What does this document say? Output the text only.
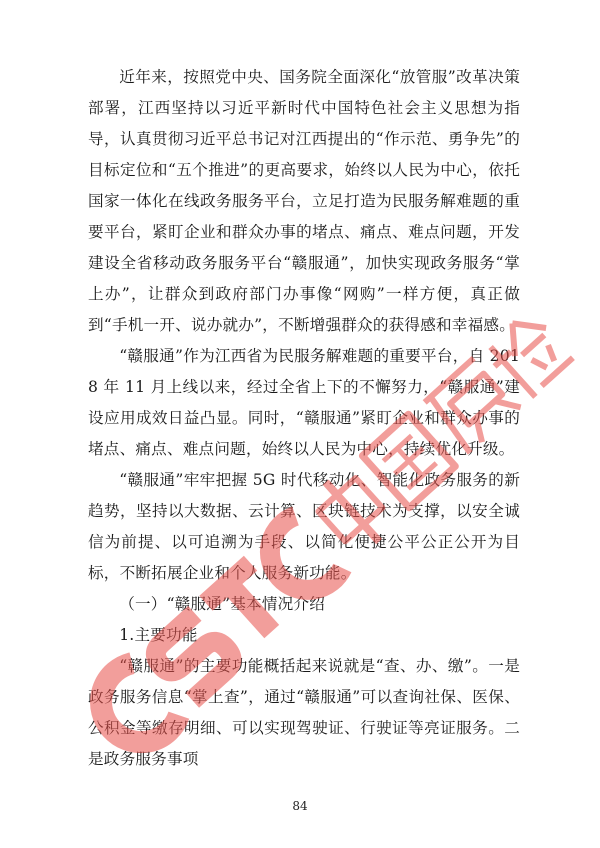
近年来，按照党中央、国务院全面深化“放管服”改革决策部署，江西坚持以习近平新时代中国特色社会主义思想为指导，认真贯彻习近平总书记对江西提出的“作示范、勇争先”的目标定位和“五个推进”的更高要求，始终以人民为中心，依托国家一体化在线政务服务平台，立足打造为民服务解难题的重要平台，紧盯企业和群众办事的堵点、痛点、难点问题，开发建设全省移动政务服务平台“赣服通”，加快实现政务服务“掌上办”，让群众到政府部门办事像“网购”一样方便，真正做到“手机一开、说办就办”，不断增强群众的获得感和幸福感。

“赣服通”作为江西省为民服务解难题的重要平台，自 2018 年 11 月上线以来，经过全省上下的不懈努力，“赣服通”建设应用成效日益凸显。同时，“赣服通”紧盯企业和群众办事的堵点、痛点、难点问题，始终以人民为中心，持续优化升级。

“赣服通”牢牢把握 5G 时代移动化、智能化政务服务的新趋势，坚持以大数据、云计算、区块链技术为支撑，以安全诚信为前提、以可追溯为手段、以简化便捷公平公正公开为目标，不断拓展企业和个人服务新功能。

（一）“赣服通”基本情况介绍

1.主要功能

“赣服通”的主要功能概括起来说就是“查、办、缴”。一是政务服务信息“掌上查”，通过“赣服通”可以查询社保、医保、公积金等缴存明细、可以实现驾驶证、行驶证等亮证服务。二是政务服务事项

84
